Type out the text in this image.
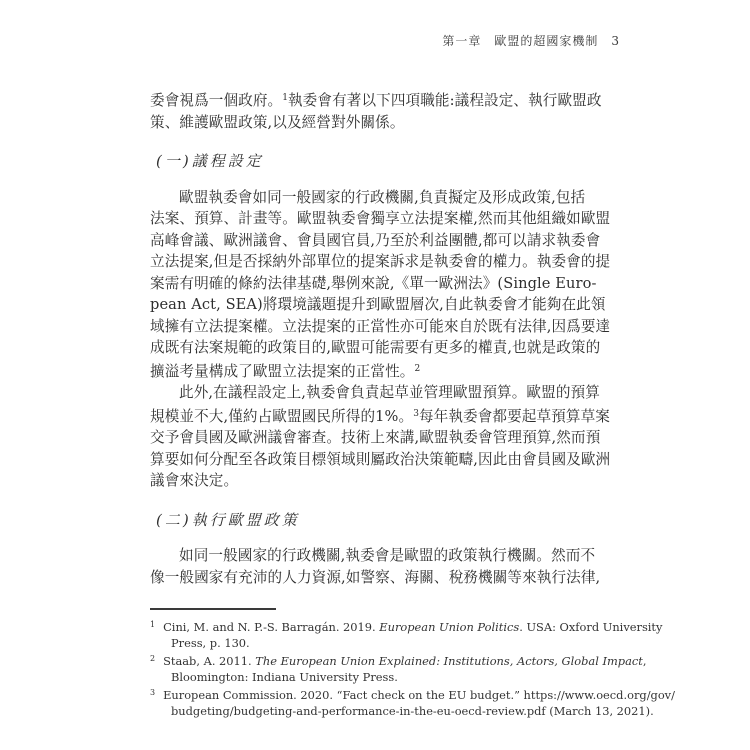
第一章　歐盟的超國家機制 3
委會視爲一個政府。$^1$執委會有著以下四項職能:議程設定、執行歐盟政
策、維護歐盟政策,以及經營對外關係。
(一)議程設定
歐盟執委會如同一般國家的行政機關,負責擬定及形成政策,包括
法案、預算、計畫等。歐盟執委會獨享立法提案權,然而其他組織如歐盟
高峰會議、歐洲議會、會員國官員,乃至於利益團體,都可以請求執委會
立法提案,但是否採納外部單位的提案訴求是執委會的權力。執委會的提
案需有明確的條約法律基礎,舉例來說,《單一歐洲法》(Single Euro-
pean Act, SEA)將環境議題提升到歐盟層次,自此執委會才能夠在此領
域擁有立法提案權。立法提案的正當性亦可能來自於既有法律,因爲要達
成既有法案規範的政策目的,歐盟可能需要有更多的權責,也就是政策的
擴溢考量構成了歐盟立法提案的正當性。$^2$
此外,在議程設定上,執委會負責起草並管理歐盟預算。歐盟的預算
規模並不大,僅約占歐盟國民所得的1%。$^3$每年執委會都要起草預算草案
交予會員國及歐洲議會審查。技術上來講,歐盟執委會管理預算,然而預
算要如何分配至各政策目標領域則屬政治決策範疇,因此由會員國及歐洲
議會來決定。
(二)執行歐盟政策
如同一般國家的行政機關,執委會是歐盟的政策執行機關。然而不
像一般國家有充沛的人力資源,如警察、海關、稅務機關等來執行法律,
$^1$ Cini, M. and N. P.-S. Barragán. 2019. European Union Politics. USA: Oxford University
Press, p. 130.
$^2$ Staab, A. 2011. The European Union Explained: Institutions, Actors, Global Impact,
Bloomington: Indiana University Press.
$^3$ European Commission. 2020. “Fact check on the EU budget.” https://www.oecd.org/gov/
budgeting/budgeting-and-performance-in-the-eu-oecd-review.pdf (March 13, 2021).
